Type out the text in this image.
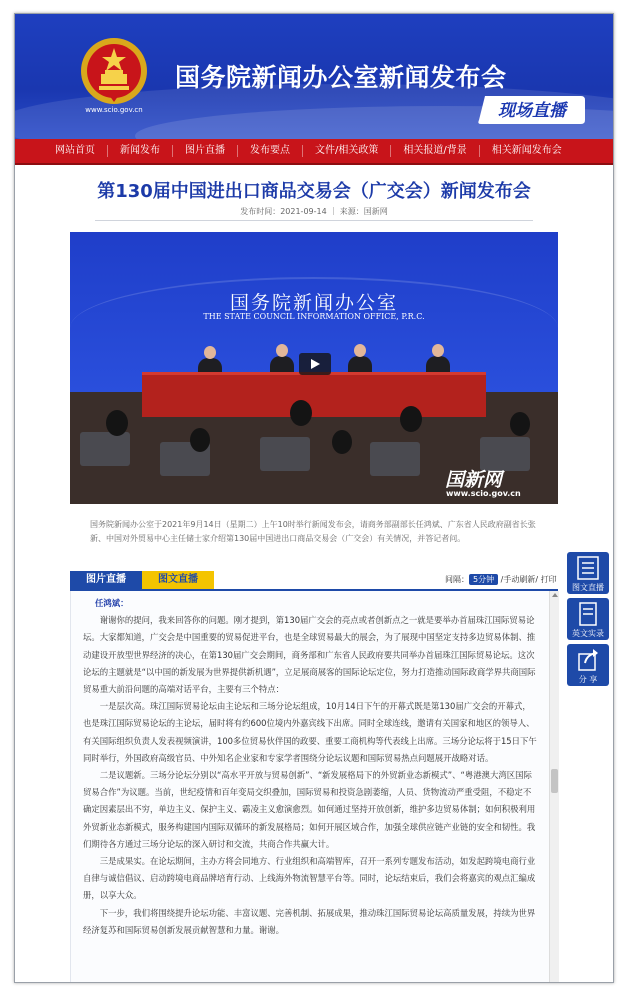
www.scio.gov.cn
国务院新闻办公室新闻发布会
现场直播
网站首页	新闻发布	图片直播	发布要点	文件/相关政策	相关报道/背景	相关新闻发布会
第130届中国进出口商品交易会（广交会）新闻发布会
发布时间：2021-09-14 ｜ 来源：国新网
国务院新闻办公室
THE STATE COUNCIL INFORMATION OFFICE, P.R.C.
国新网
www.scio.gov.cn
国务院新闻办公室于2021年9月14日（星期二）上午10时举行新闻发布会，请商务部副部长任鸿斌、广东省人民政府副省长张新、中国对外贸易中心主任储士家介绍第130届中国进出口商品交易会（广交会）有关情况，并答记者问。
图片直播	图文直播	间隔： 5分钟 /手动刷新/ 打印

任鸿斌：

谢谢你的提问，我来回答你的问题。刚才提到，第130届广交会的亮点或者创新点之一就是要举办首届珠江国际贸易论坛。大家都知道，广交会是中国重要的贸易促进平台，也是全球贸易最大的展会，为了展现中国坚定支持多边贸易体制、推动建设开放型世界经济的决心，在第130届广交会期间，商务部和广东省人民政府要共同举办首届珠江国际贸易论坛。这次论坛的主题就是“以中国的新发展为世界提供新机遇”，立足展商展客的国际论坛定位，努力打造推动国际政商学界共商国际贸易重大前沿问题的高端对话平台，主要有三个特点：

一是层次高。珠江国际贸易论坛由主论坛和三场分论坛组成，10月14日下午的开幕式既是第130届广交会的开幕式，也是珠江国际贸易论坛的主论坛，届时将有约600位境内外嘉宾线下出席。同时全球连线，邀请有关国家和地区的领导人、有关国际组织负责人发表视频演讲，100多位贸易伙伴国的政要、重要工商机构等代表线上出席。三场分论坛将于15日下午同时举行，外国政府高级官员、中外知名企业家和专家学者围绕分论坛议题和国际贸易热点问题展开战略对话。

二是议题新。三场分论坛分别以“高水平开放与贸易创新”、“新发展格局下的外贸新业态新模式”、“粤港澳大湾区国际贸易合作”为议题。当前，世纪疫情和百年变局交织叠加，国际贸易和投资急剧萎缩，人员、货物流动严重受阻，不稳定不确定因素层出不穷，单边主义、保护主义、霸凌主义愈演愈烈。如何通过坚持开放创新，维护多边贸易体制；如何积极利用外贸新业态新模式，服务构建国内国际双循环的新发展格局；如何开展区域合作，加强全球供应链产业链的安全和韧性。我们期待各方通过三场分论坛的深入研讨和交流，共商合作共赢大计。

三是成果实。在论坛期间，主办方将会同地方、行业组织和高端智库，召开一系列专题发布活动，如发起跨境电商行业自律与诚信倡议、启动跨境电商品牌培育行动、上线海外物流智慧平台等。同时，论坛结束后，我们会将嘉宾的观点汇编成册，以享大众。

下一步，我们将围绕提升论坛功能、丰富议题、完善机制、拓展成果，推动珠江国际贸易论坛高质量发展，持续为世界经济复苏和国际贸易创新发展贡献智慧和力量。谢谢。

图文直播
英文实录
分 享
